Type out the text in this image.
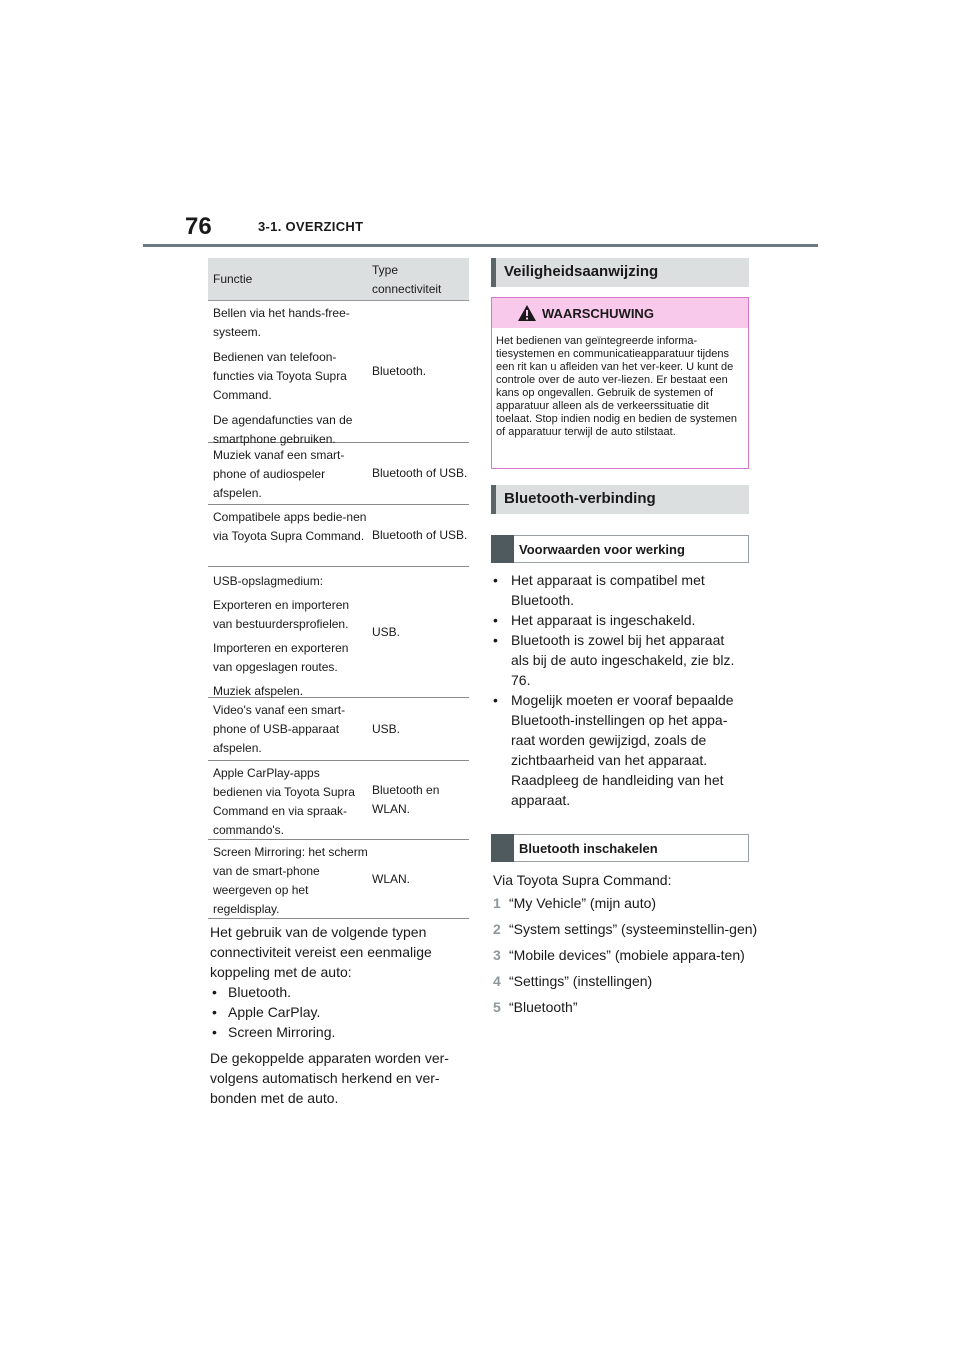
76	3-1. OVERZICHT
Functie
Type connectiviteit

Bellen via het hands-free-systeem.

Bedienen van telefoon-functies via Toyota Supra Command.

De agendafuncties van de smartphone gebruiken.

Bluetooth.

Muziek vanaf een smart-phone of audiospeler afspelen.

Bluetooth of USB.

Compatibele apps bedie-nen via Toyota Supra Command. Bluetooth of USB.

USB-opslagmedium:

Exporteren en importeren van bestuurdersprofielen.

Importeren en exporteren van opgeslagen routes.

Muziek afspelen.

USB.

Video's vanaf een smart-phone of USB-apparaat afspelen.

USB.

Apple CarPlay-apps bedienen via Toyota Supra Command en via spraak-commando's.

Bluetooth en WLAN.

Screen Mirroring: het scherm van de smart-phone weergeven op het regeldisplay.

WLAN.

Het gebruik van de volgende typen connectiviteit vereist een eenmalige koppeling met de auto:

• Bluetooth.
• Apple CarPlay.
• Screen Mirroring.

De gekoppelde apparaten worden ver-volgens automatisch herkend en ver-bonden met de auto.

Veiligheidsaanwijzing
WAARSCHUWING
Het bedienen van geïntegreerde informa-tiesystemen en communicatieapparatuur tijdens een rit kan u afleiden van het ver-keer. U kunt de controle over de auto ver-liezen. Er bestaat een kans op ongevallen. Gebruik de systemen of apparatuur alleen als de verkeerssituatie dit toelaat. Stop indien nodig en bedien de systemen of apparatuur terwijl de auto stilstaat.
Bluetooth-verbinding
Voorwaarden voor werking
• Het apparaat is compatibel met Bluetooth.
• Het apparaat is ingeschakeld.
• Bluetooth is zowel bij het apparaat als bij de auto ingeschakeld, zie blz. 76.
• Mogelijk moeten er vooraf bepaalde Bluetooth-instellingen op het appa-raat worden gewijzigd, zoals de zichtbaarheid van het apparaat. Raadpleeg de handleiding van het apparaat.
Bluetooth inschakelen
Via Toyota Supra Command:
1 “My Vehicle” (mijn auto)
2 “System settings” (systeeminstellin-gen)
3 “Mobile devices” (mobiele appara-ten)
4 “Settings” (instellingen)
5 “Bluetooth”
